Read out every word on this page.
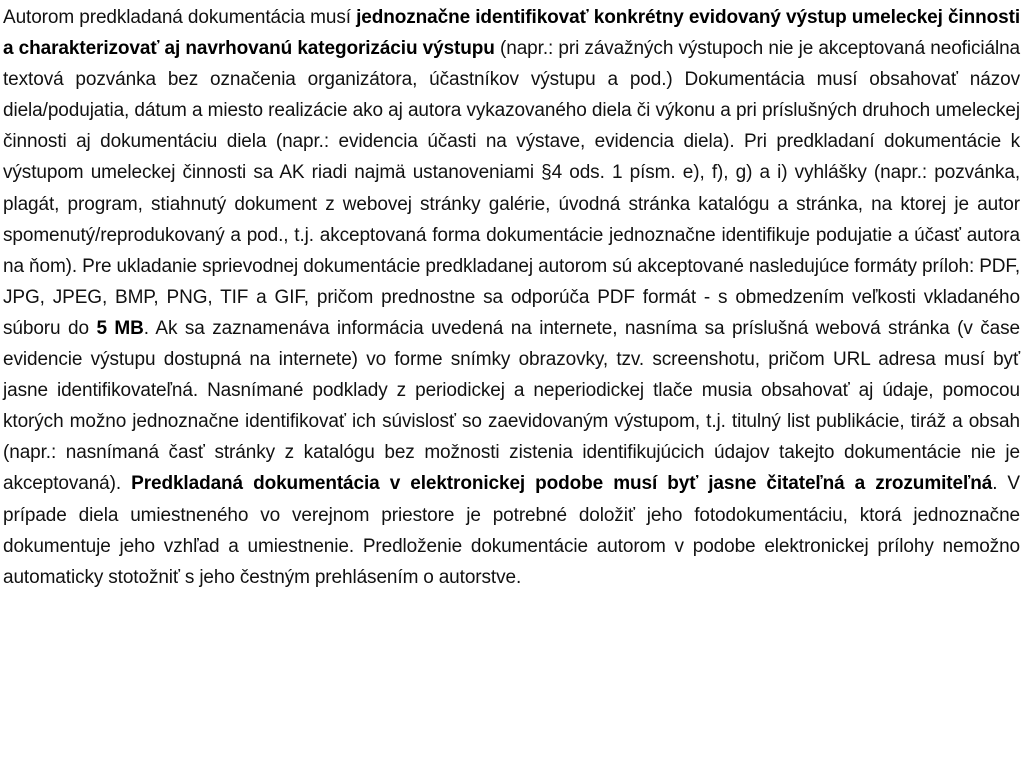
Autorom predkladaná dokumentácia musí jednoznačne identifikovať konkrétny evidovaný výstup umeleckej činnosti a charakterizovať aj navrhovanú kategorizáciu výstupu (napr.: pri závažných výstupoch nie je akceptovaná neoficiálna textová pozvánka bez označenia organizátora, účastníkov výstupu a pod.) Dokumentácia musí obsahovať názov diela/podujatia, dátum a miesto realizácie ako aj autora vykazovaného diela či výkonu a pri príslušných druhoch umeleckej činnosti aj dokumentáciu diela (napr.: evidencia účasti na výstave, evidencia diela). Pri predkladaní dokumentácie k výstupom umeleckej činnosti sa AK riadi najmä ustanoveniami §4 ods. 1 písm. e), f), g) a i) vyhlášky (napr.: pozvánka, plagát, program, stiahnutý dokument z webovej stránky galérie, úvodná stránka katalógu a stránka, na ktorej je autor spomenutý/reprodukovaný a pod., t.j. akceptovaná forma dokumentácie jednoznačne identifikuje podujatie a účasť autora na ňom). Pre ukladanie sprievodnej dokumentácie predkladanej autorom sú akceptované nasledujúce formáty príloh: PDF, JPG, JPEG, BMP, PNG, TIF a GIF, pričom prednostne sa odporúča PDF formát - s obmedzením veľkosti vkladaného súboru do 5 MB. Ak sa zaznamenáva informácia uvedená na internete, nasníma sa príslušná webová stránka (v čase evidencie výstupu dostupná na internete) vo forme snímky obrazovky, tzv. screenshotu, pričom URL adresa musí byť jasne identifikovateľná. Nasnímané podklady z periodickej a neperiodickej tlače musia obsahovať aj údaje, pomocou ktorých možno jednoznačne identifikovať ich súvislosť so zaevidovaným výstupom, t.j. titulný list publikácie, tiráž a obsah (napr.: nasnímaná časť stránky z katalógu bez možnosti zistenia identifikujúcich údajov takejto dokumentácie nie je akceptovaná). Predkladaná dokumentácia v elektronickej podobe musí byť jasne čitateľná a zrozumiteľná. V prípade diela umiestneného vo verejnom priestore je potrebné doložiť jeho fotodokumentáciu, ktorá jednoznačne dokumentuje jeho vzhľad a umiestnenie. Predloženie dokumentácie autorom v podobe elektronickej prílohy nemožno automaticky stotožniť s jeho čestným prehlásením o autorstve.
